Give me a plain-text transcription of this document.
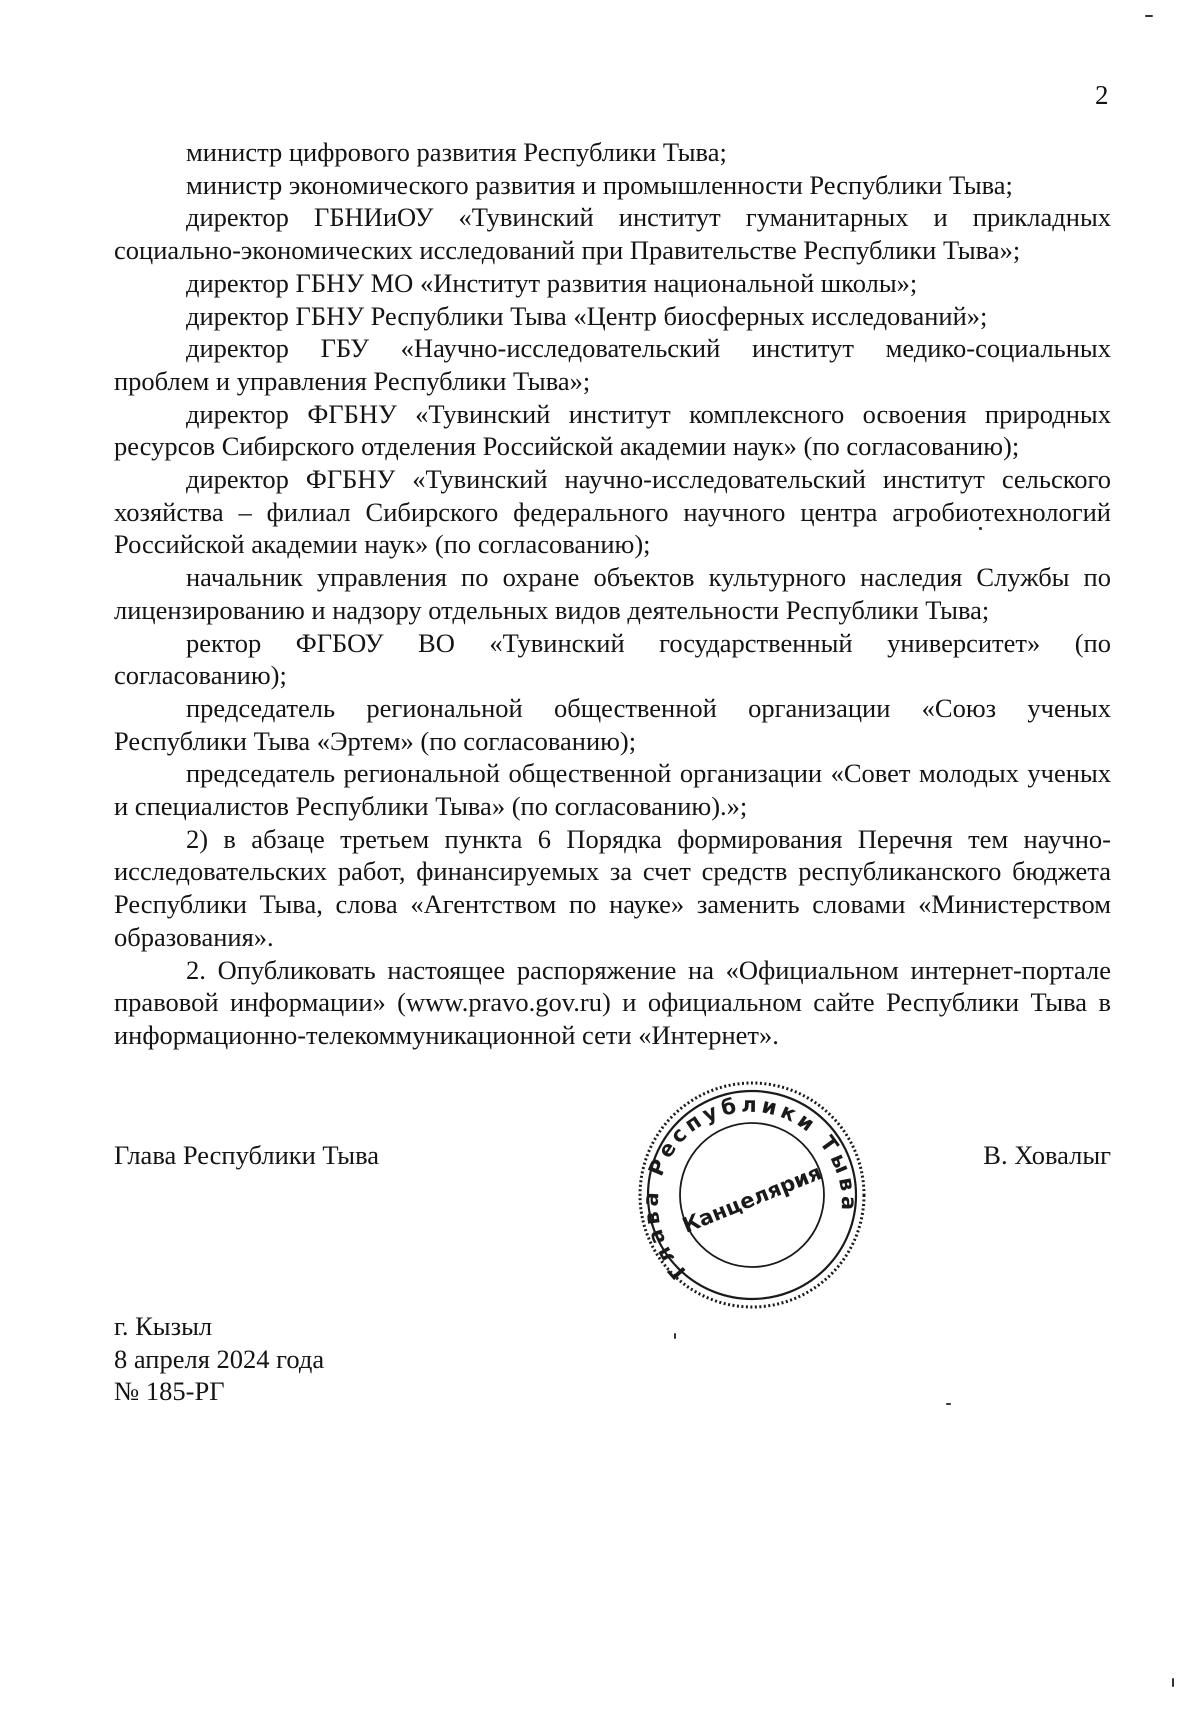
2

министр цифрового развития Республики Тыва;

министр экономического развития и промышленности Республики Тыва;

директор ГБНИиОУ «Тувинский институт гуманитарных и прикладных социально-экономических исследований при Правительстве Республики Тыва»;

директор ГБНУ МО «Институт развития национальной школы»;

директор ГБНУ Республики Тыва «Центр биосферных исследований»;

директор ГБУ «Научно-исследовательский институт медико-социальных проблем и управления Республики Тыва»;

директор ФГБНУ «Тувинский институт комплексного освоения природных ресурсов Сибирского отделения Российской академии наук» (по согласованию);

директор ФГБНУ «Тувинский научно-исследовательский институт сельского хозяйства – филиал Сибирского федерального научного центра агробиотехнологий Российской академии наук» (по согласованию);

начальник управления по охране объектов культурного наследия Службы по лицензированию и надзору отдельных видов деятельности Республики Тыва;

ректор ФГБОУ ВО «Тувинский государственный университет» (по согласованию);

председатель региональной общественной организации «Союз ученых Республики Тыва «Эртем» (по согласованию);

председатель региональной общественной организации «Совет молодых ученых и специалистов Республики Тыва» (по согласованию).»;

2) в абзаце третьем пункта 6 Порядка формирования Перечня тем научно-исследовательских работ, финансируемых за счет средств республиканского бюджета Республики Тыва, слова «Агентством по науке» заменить словами «Министерством образования».

2. Опубликовать настоящее распоряжение на «Официальном интернет-портале правовой информации» (www.pravo.gov.ru) и официальном сайте Республики Тыва в информационно-телекоммуникационной сети «Интернет».

Глава Республики Тыва	В. Ховалыг
Глава Республики Тыва
Канцелярия
г. Кызыл
8 апреля 2024 года
№ 185-РГ
